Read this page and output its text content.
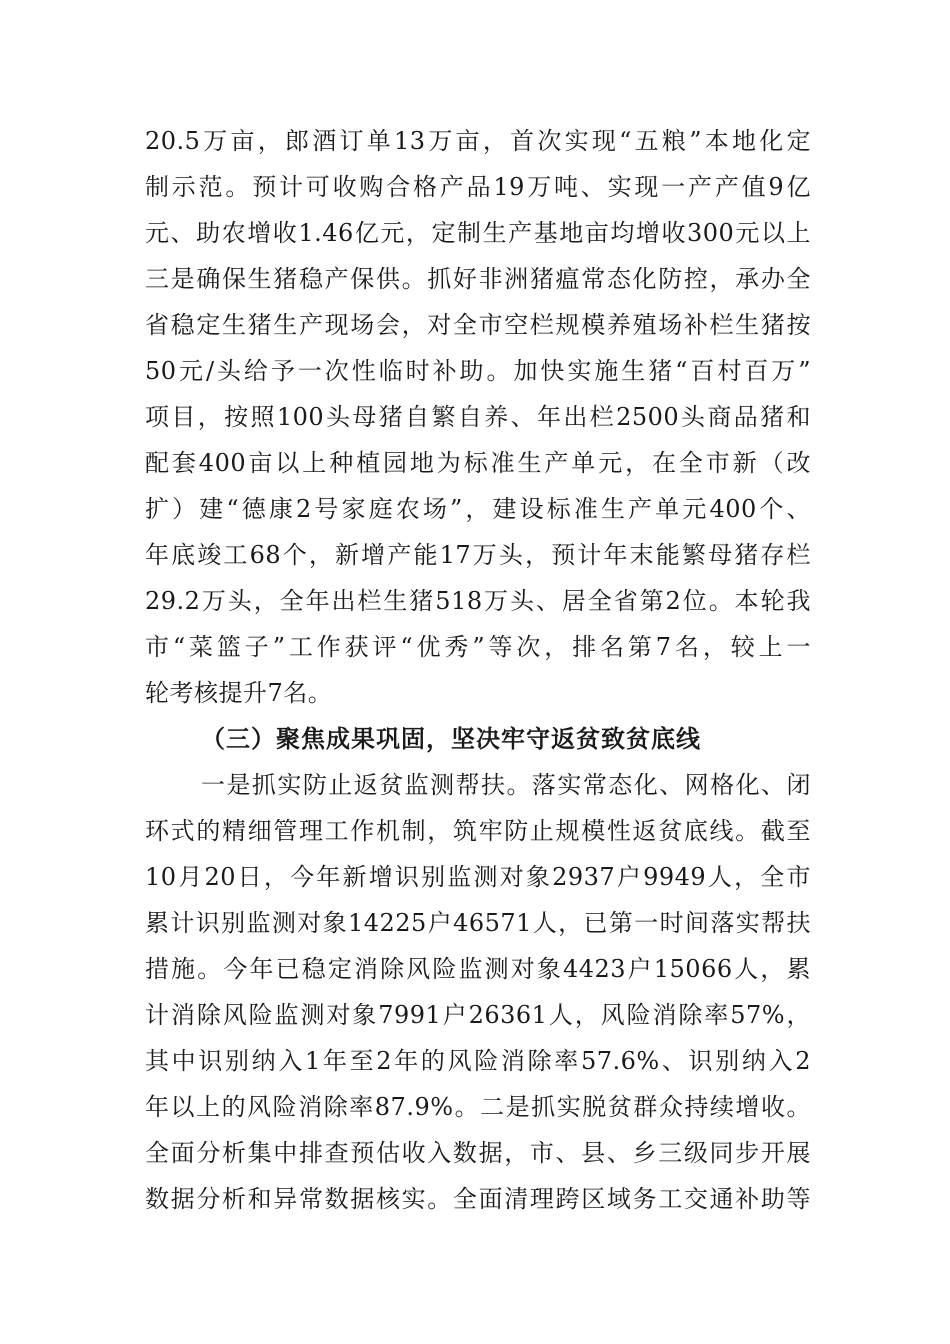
20.5万亩，郎酒订单13万亩，首次实现“五粮”本地化定
制示范。预计可收购合格产品19万吨、实现一产产值9亿
元、助农增收1.46亿元，定制生产基地亩均增收300元以上
三是确保生猪稳产保供。抓好非洲猪瘟常态化防控，承办全
省稳定生猪生产现场会，对全市空栏规模养殖场补栏生猪按
50元/头给予一次性临时补助。加快实施生猪“百村百万”
项目，按照100头母猪自繁自养、年出栏2500头商品猪和
配套400亩以上种植园地为标准生产单元，在全市新（改
扩）建“德康2号家庭农场”，建设标准生产单元400个、
年底竣工68个，新增产能17万头，预计年末能繁母猪存栏
29.2万头，全年出栏生猪518万头、居全省第2位。本轮我
市“菜篮子”工作获评“优秀”等次，排名第7名，较上一
轮考核提升7名。
（三）聚焦成果巩固，坚决牢守返贫致贫底线
一是抓实防止返贫监测帮扶。落实常态化、网格化、闭
环式的精细管理工作机制，筑牢防止规模性返贫底线。截至
10月20日，今年新增识别监测对象2937户9949人，全市
累计识别监测对象14225户46571人，已第一时间落实帮扶
措施。今年已稳定消除风险监测对象4423户15066人，累
计消除风险监测对象7991户26361人，风险消除率57%，
其中识别纳入1年至2年的风险消除率57.6%、识别纳入2
年以上的风险消除率87.9%。二是抓实脱贫群众持续增收。
全面分析集中排查预估收入数据，市、县、乡三级同步开展
数据分析和异常数据核实。全面清理跨区域务工交通补助等
